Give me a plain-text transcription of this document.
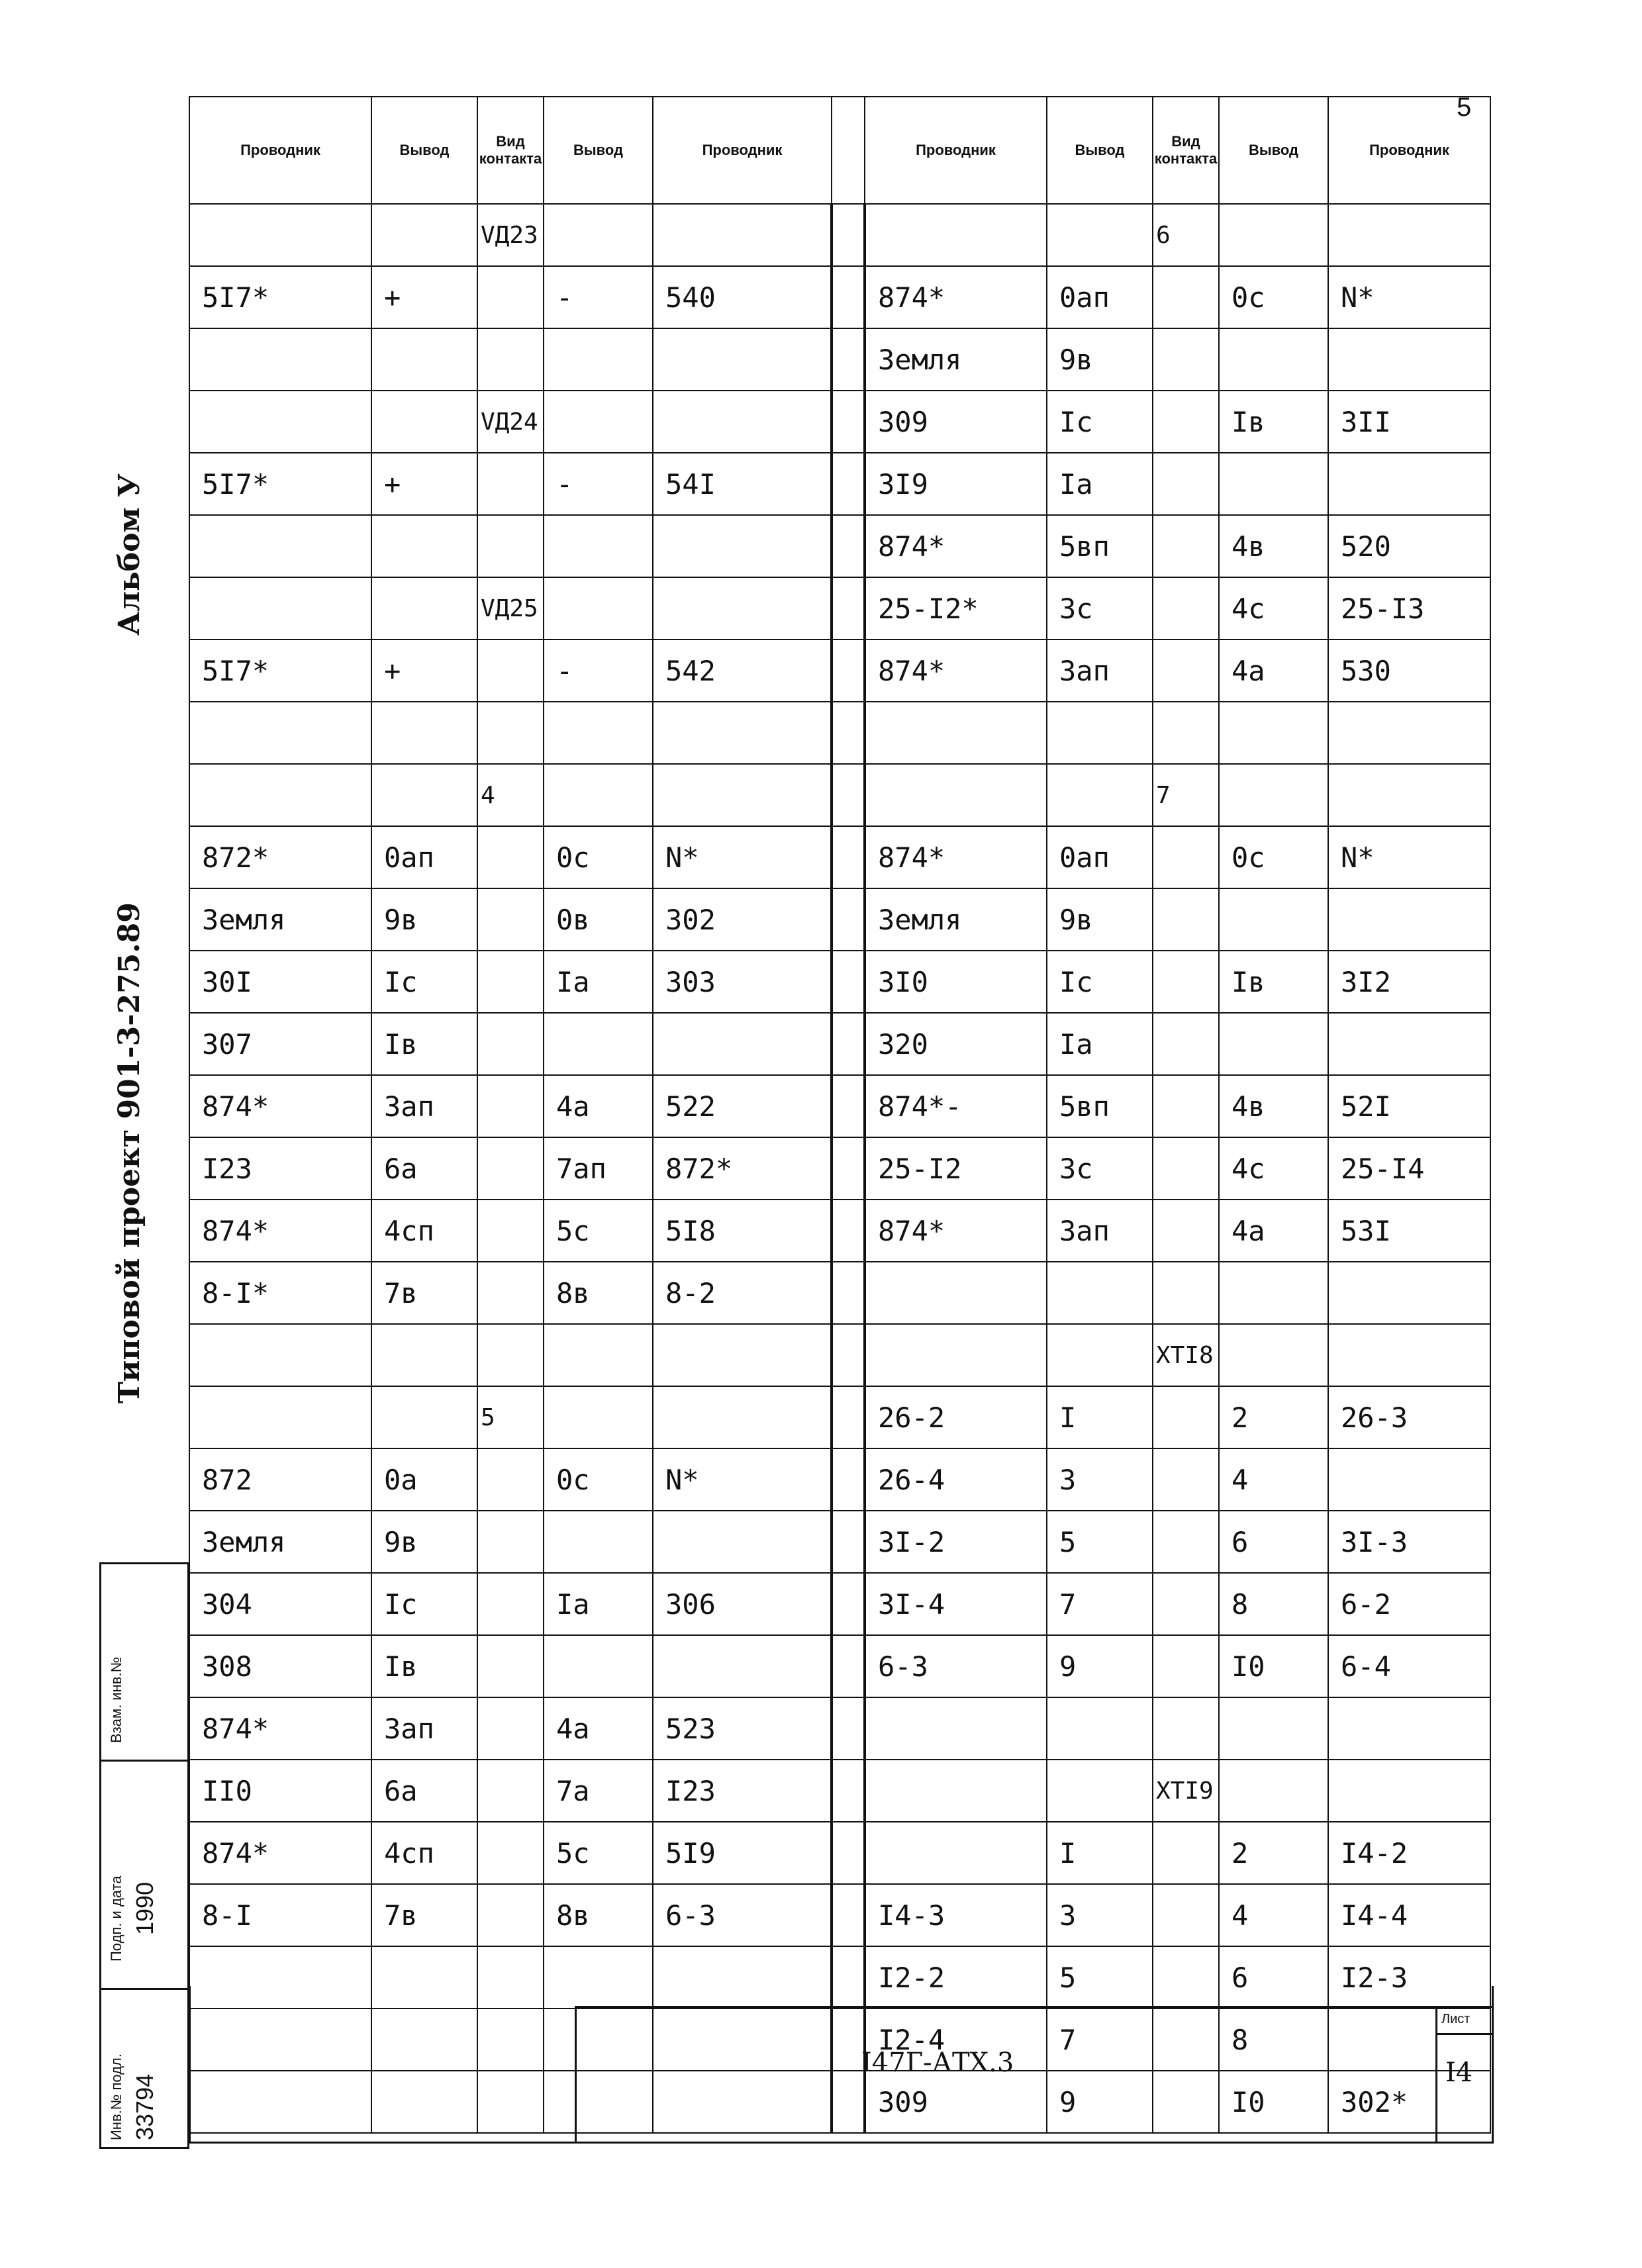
Альбом У
Типовой проект 901-3-275.89
5
Инв.№ подл. 33794
Подп. и дата 1990
Взам. инв.№
Проводник	Вывод	Вид контакта	Вывод	Проводник		Проводник	Вывод	Вид контакта	Вывод	Проводник
		VД23						6		
5I7*	+		-	540		874*	0ап		0с	N*
						Земля	9в			
		VД24				309	Iс		Iв	3II
5I7*	+		-	54I		3I9	Iа			
						874*	5вп		4в	520
		VД25				25-I2*	3с		4с	25-I3
5I7*	+		-	542		874*	3ап		4а	530

		4						7		
872*	0ап		0с	N*		874*	0ап		0с	N*
Земля	9в		0в	302		Земля	9в			
30I	Iс		Iа	303		3I0	Iс		Iв	3I2
307	Iв					320	Iа			
874*	3ап		4а	522		874*-	5вп		4в	52I
I23	6а		7ап	872*		25-I2	3с		4с	25-I4
874*	4сп		5с	5I8		874*	3ап		4а	53I
8-I*	7в		8в	8-2						
								XTI8		
		5				26-2	I		2	26-3
872	0а		0с	N*		26-4	3		4	
Земля	9в					3I-2	5		6	3I-3
304	Iс		Iа	306		3I-4	7		8	6-2
308	Iв					6-3	9		I0	6-4
874*	3ап		4а	523						
II0	6а		7а	I23				XTI9		
874*	4сп		5с	5I9			I		2	I4-2
8-I	7в		8в	6-3		I4-3	3		4	I4-4
						I2-2	5		6	I2-3
						I2-4	7		8	
						309	9		I0	302*
I47Г-АТХ.3
Лист
I4
